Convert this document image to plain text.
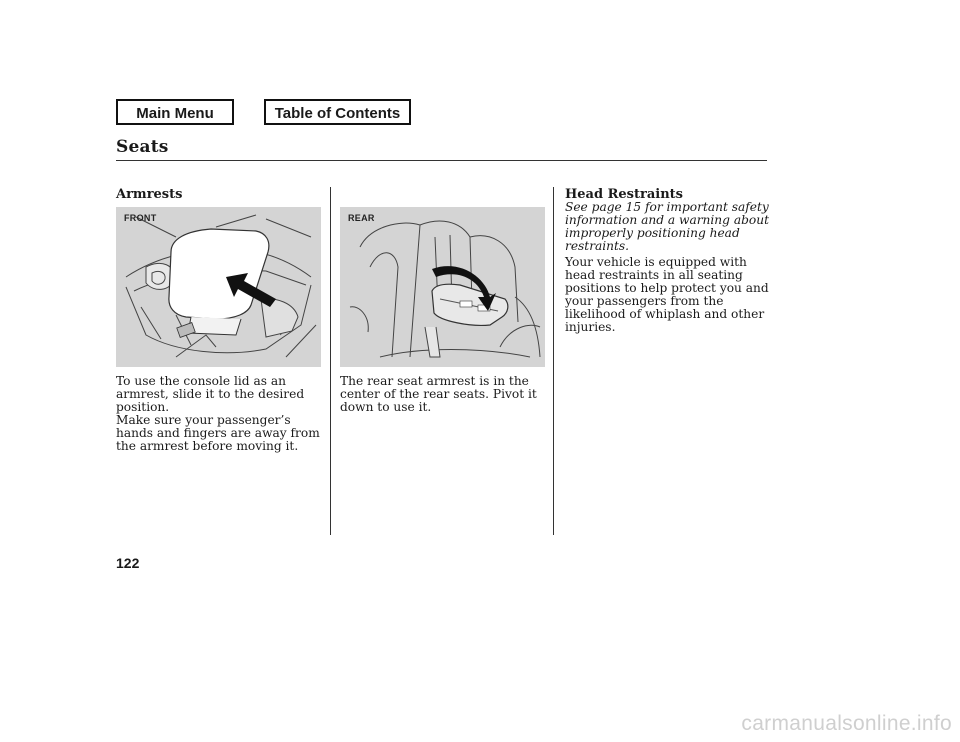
Main Menu	Table of Contents
Seats
Armrests
FRONT

To use the console lid as an armrest, slide it to the desired position.

Make sure your passenger’s hands and fingers are away from the armrest before moving it.

REAR

The rear seat armrest is in the center of the rear seats. Pivot it down to use it.

Head Restraints

See page 15 for important safety information and a warning about improperly positioning head restraints.

Your vehicle is equipped with head restraints in all seating positions to help protect you and your passengers from the likelihood of whiplash and other injuries.

122
carmanualsonline.info
